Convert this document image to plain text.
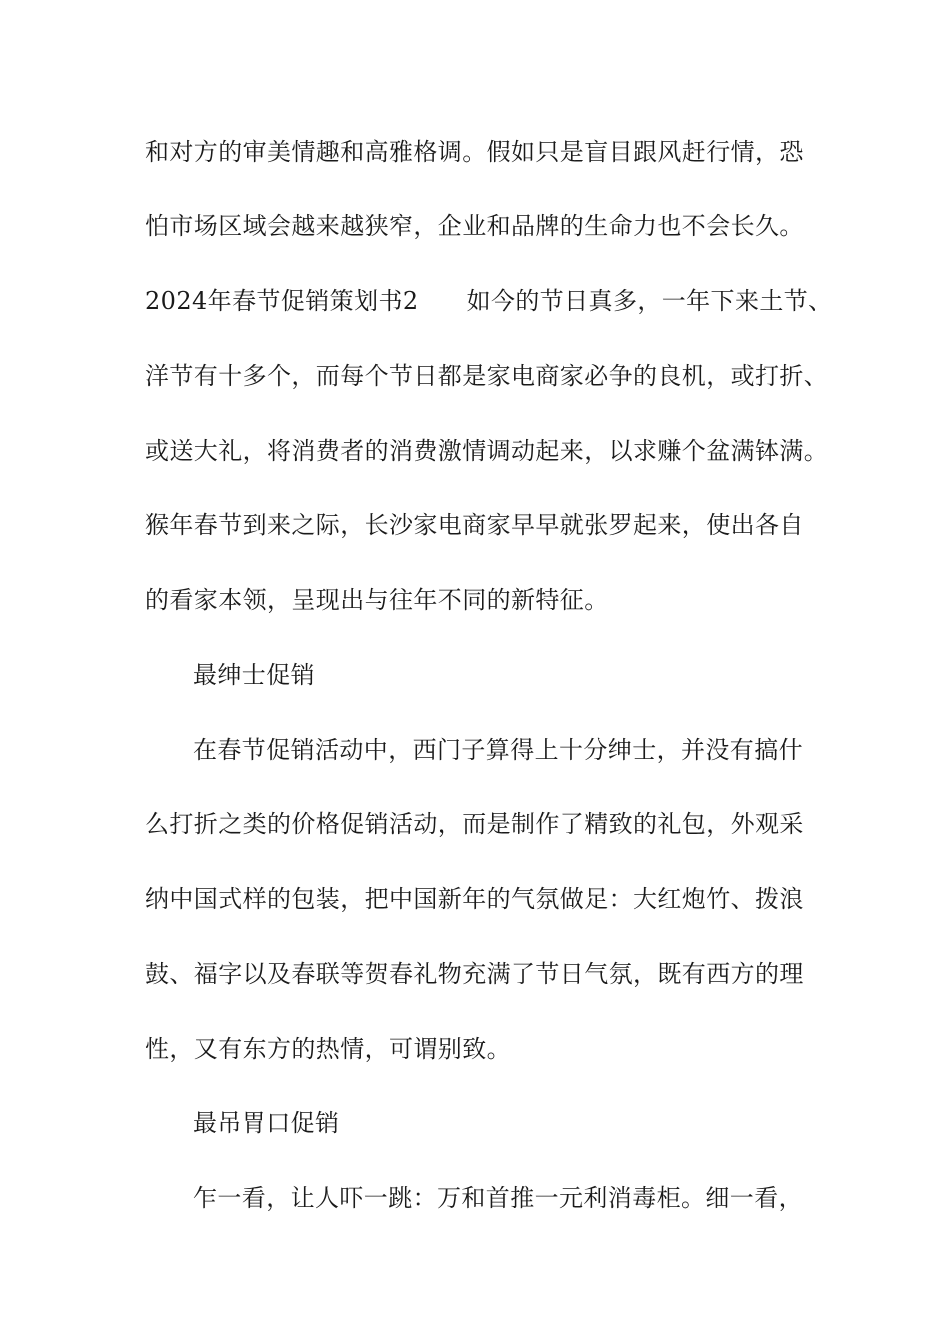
和对方的审美情趣和高雅格调。假如只是盲目跟风赶行情，恐
怕市场区域会越来越狭窄，企业和品牌的生命力也不会长久。
2024年春节促销策划书2 如今的节日真多，一年下来土节、
洋节有十多个，而每个节日都是家电商家必争的良机，或打折、
或送大礼，将消费者的消费激情调动起来，以求赚个盆满钵满。
猴年春节到来之际，长沙家电商家早早就张罗起来，使出各自
的看家本领，呈现出与往年不同的新特征。
最绅士促销
在春节促销活动中，西门子算得上十分绅士，并没有搞什
么打折之类的价格促销活动，而是制作了精致的礼包，外观采
纳中国式样的包装，把中国新年的气氛做足：大红炮竹、拨浪
鼓、福字以及春联等贺春礼物充满了节日气氛，既有西方的理
性，又有东方的热情，可谓别致。
最吊胃口促销
乍一看，让人吓一跳：万和首推一元利消毒柜。细一看，
